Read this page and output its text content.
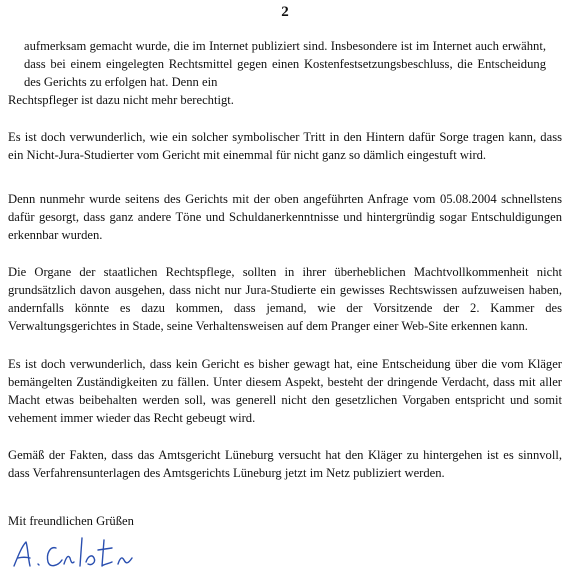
2

aufmerksam gemacht wurde, die im Internet publiziert sind. Insbesondere ist im Internet auch erwähnt, dass bei einem eingelegten Rechtsmittel gegen einen Kostenfestsetzungsbeschluss, die Entscheidung des Gerichts zu erfolgen hat. Denn ein

Rechtspfleger ist dazu nicht mehr berechtigt.

Es ist doch verwunderlich, wie ein solcher symbolischer Tritt in den Hintern dafür Sorge tragen kann, dass ein Nicht-Jura-Studierter vom Gericht mit einemmal für nicht ganz so dämlich eingestuft wird.

Denn nunmehr wurde seitens des Gerichts mit der oben angeführten Anfrage vom 05.08.2004 schnellstens dafür gesorgt, dass ganz andere Töne und Schuldanerkenntnisse und hintergründig sogar Entschuldigungen erkennbar wurden.

Die Organe der staatlichen Rechtspflege, sollten in ihrer überheblichen Machtvollkommenheit nicht grundsätzlich davon ausgehen, dass nicht nur Jura-Studierte ein gewisses Rechtswissen aufzuweisen haben, andernfalls könnte es dazu kommen, dass jemand, wie der Vorsitzende der 2. Kammer des Verwaltungsgerichtes in Stade, seine Verhaltensweisen auf dem Pranger einer Web-Site erkennen kann.

Es ist doch verwunderlich, dass kein Gericht es bisher gewagt hat, eine Entscheidung über die vom Kläger bemängelten Zuständigkeiten zu fällen. Unter diesem Aspekt, besteht der dringende Verdacht, dass mit aller Macht etwas beibehalten werden soll, was generell nicht den gesetzlichen Vorgaben entspricht und somit vehement immer wieder das Recht gebeugt wird.

Gemäß der Fakten, dass das Amtsgericht Lüneburg versucht hat den Kläger zu hintergehen ist es sinnvoll, dass Verfahrensunterlagen des Amtsgerichts Lüneburg jetzt im Netz publiziert werden.

Mit freundlichen Grüßen
